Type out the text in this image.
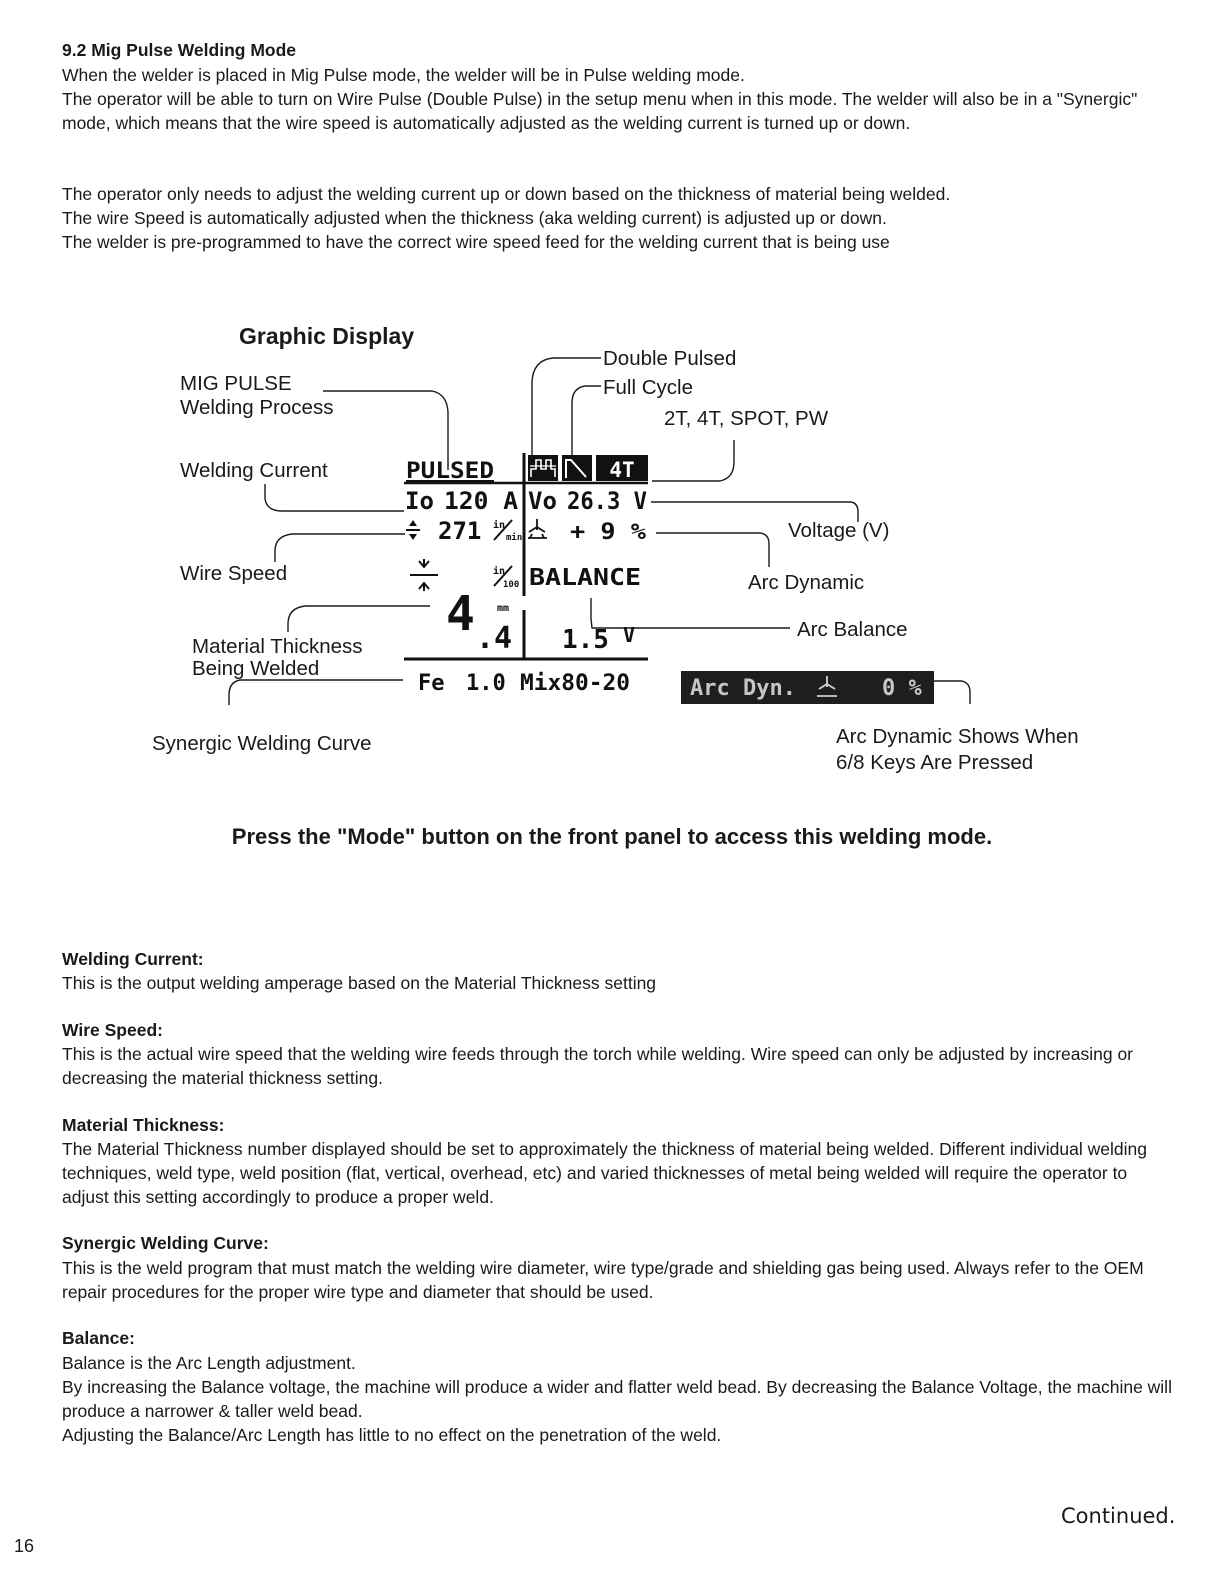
9.2 Mig Pulse Welding Mode

When the welder is placed in Mig Pulse mode, the welder will be in Pulse welding mode.
The operator will be able to turn on Wire Pulse (Double Pulse) in the setup menu when in this mode. The welder will also be in a "Synergic" mode, which means that the wire speed is automatically adjusted as the welding current is turned up or down.

The operator only needs to adjust the welding current up or down based on the thickness of material being welded.
The wire Speed is automatically adjusted when the thickness (aka welding current) is adjusted up or down.
The welder is pre-programmed to have the correct wire speed feed for the welding current that is being use

Graphic Display
MIG PULSE
Welding Process
Welding Current
Wire Speed
Material Thickness
Being Welded
Synergic Welding Curve
Double Pulsed
Full Cycle
2T, 4T, SPOT, PW
Voltage (V)
Arc Dynamic
Arc Balance
Arc Dynamic Shows When
6/8 Keys Are Pressed
PULSED	4T
Io 120 A Vo 26.3 V
271 in
min + 9 %
in
100 BALANCE
mm
4 .4 1.5 V
Fe 1.0 Mix80-20	Arc Dyn.	0 %

Press the "Mode" button on the front panel to access this welding mode.

Welding Current:

This is the output welding amperage based on the Material Thickness setting

Wire Speed:

This is the actual wire speed that the welding wire feeds through the torch while welding. Wire speed can only be adjusted by increasing or decreasing the material thickness setting.

Material Thickness:

The Material Thickness number displayed should be set to approximately the thickness of material being welded. Different individual welding techniques, weld type, weld position (flat, vertical, overhead, etc) and varied thicknesses of metal being welded will require the operator to adjust this setting accordingly to produce a proper weld.

Synergic Welding Curve:

This is the weld program that must match the welding wire diameter, wire type/grade and shielding gas being used. Always refer to the OEM repair procedures for the proper wire type and diameter that should be used.

Balance:

Balance is the Arc Length adjustment.
By increasing the Balance voltage, the machine will produce a wider and flatter weld bead. By decreasing the Balance Voltage, the machine will produce a narrower & taller weld bead.
Adjusting the Balance/Arc Length has little to no effect on the penetration of the weld.

16
Continued.
